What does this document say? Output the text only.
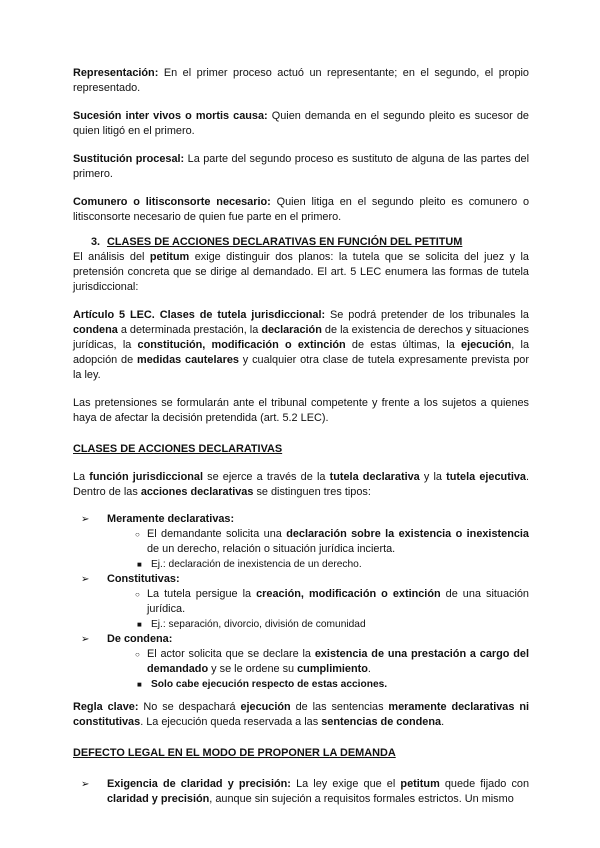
Representación: En el primer proceso actuó un representante; en el segundo, el propio representado.

Sucesión inter vivos o mortis causa: Quien demanda en el segundo pleito es sucesor de quien litigó en el primero.

Sustitución procesal: La parte del segundo proceso es sustituto de alguna de las partes del primero.

Comunero o litisconsorte necesario: Quien litiga en el segundo pleito es comunero o litisconsorte necesario de quien fue parte en el primero.

3. CLASES DE ACCIONES DECLARATIVAS EN FUNCIÓN DEL PETITUM

El análisis del petitum exige distinguir dos planos: la tutela que se solicita del juez y la pretensión concreta que se dirige al demandado. El art. 5 LEC enumera las formas de tutela jurisdiccional:

Artículo 5 LEC. Clases de tutela jurisdiccional: Se podrá pretender de los tribunales la condena a determinada prestación, la declaración de la existencia de derechos y situaciones jurídicas, la constitución, modificación o extinción de estas últimas, la ejecución, la adopción de medidas cautelares y cualquier otra clase de tutela expresamente prevista por la ley.

Las pretensiones se formularán ante el tribunal competente y frente a los sujetos a quienes haya de afectar la decisión pretendida (art. 5.2 LEC).

CLASES DE ACCIONES DECLARATIVAS

La función jurisdiccional se ejerce a través de la tutela declarativa y la tutela ejecutiva. Dentro de las acciones declarativas se distinguen tres tipos:

➢ Meramente declarativas:
○ El demandante solicita una declaración sobre la existencia o inexistencia de un derecho, relación o situación jurídica incierta.
■ Ej.: declaración de inexistencia de un derecho.
➢ Constitutivas:
○ La tutela persigue la creación, modificación o extinción de una situación jurídica.
■ Ej.: separación, divorcio, división de comunidad
➢ De condena:
○ El actor solicita que se declare la existencia de una prestación a cargo del demandado y se le ordene su cumplimiento.
■ Solo cabe ejecución respecto de estas acciones.

Regla clave: No se despachará ejecución de las sentencias meramente declarativas ni constitutivas. La ejecución queda reservada a las sentencias de condena.

DEFECTO LEGAL EN EL MODO DE PROPONER LA DEMANDA
➢ Exigencia de claridad y precisión: La ley exige que el petitum quede fijado con claridad y precisión, aunque sin sujeción a requisitos formales estrictos. Un mismo
